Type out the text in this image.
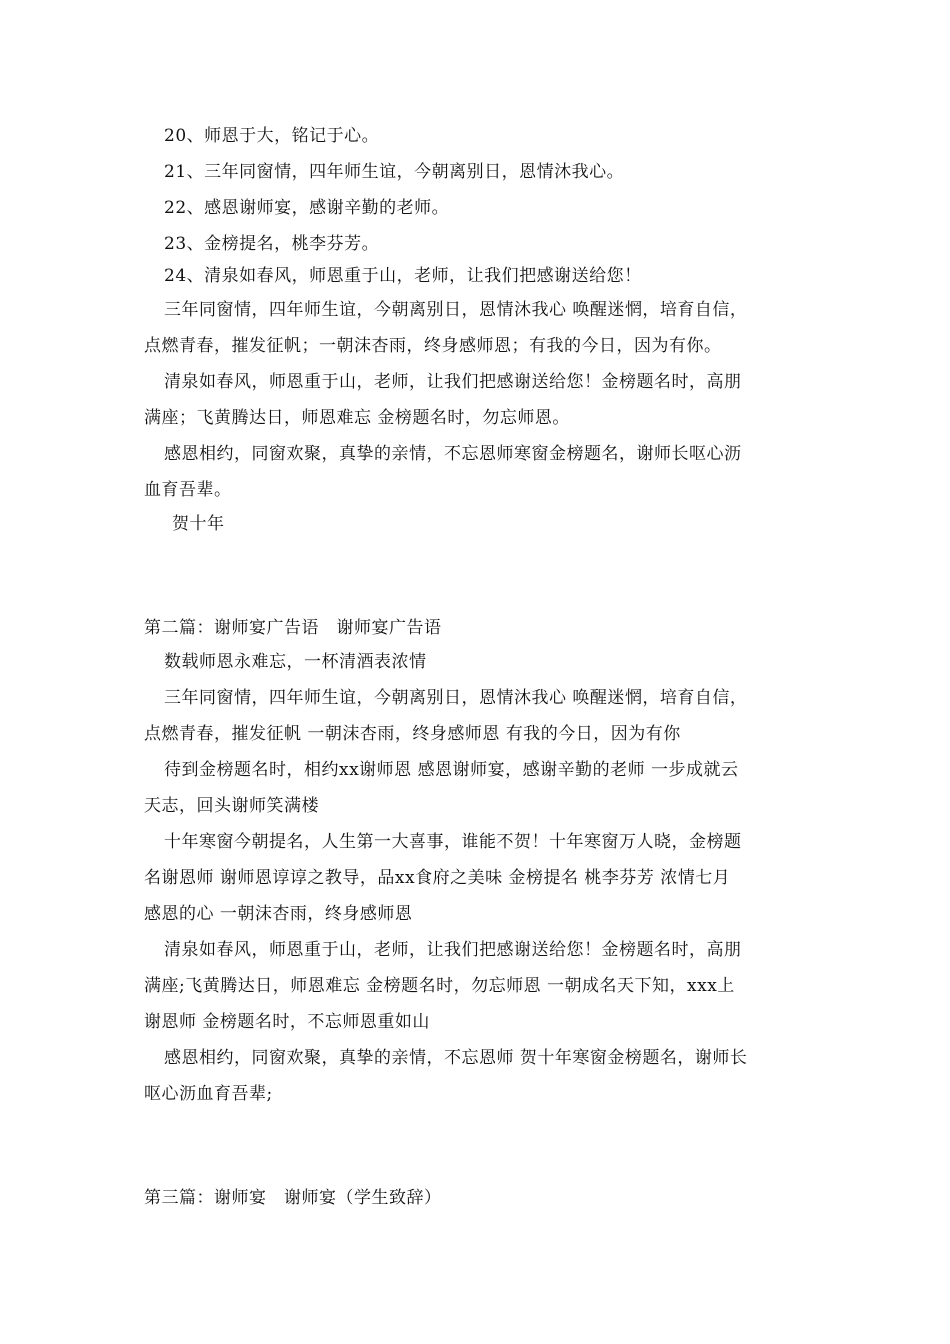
20、师恩于大，铭记于心。
21、三年同窗情，四年师生谊，今朝离别日，恩情沐我心。
22、感恩谢师宴，感谢辛勤的老师。
23、金榜提名，桃李芬芳。
24、清泉如春风，师恩重于山，老师，让我们把感谢送给您！
三年同窗情，四年师生谊，今朝离别日，恩情沐我心 唤醒迷惘，培育自信，
点燃青春，摧发征帆；一朝沫杏雨，终身感师恩；有我的今日，因为有你。
清泉如春风，师恩重于山，老师，让我们把感谢送给您！金榜题名时，高朋
满座；飞黄腾达日，师恩难忘 金榜题名时，勿忘师恩。
感恩相约，同窗欢聚，真挚的亲情，不忘恩师寒窗金榜题名，谢师长呕心沥
血育吾辈。
贺十年
第二篇：谢师宴广告语　谢师宴广告语
数载师恩永难忘，一杯清酒表浓情
三年同窗情，四年师生谊，今朝离别日，恩情沐我心 唤醒迷惘，培育自信，
点燃青春，摧发征帆 一朝沫杏雨，终身感师恩 有我的今日，因为有你
待到金榜题名时，相约xx谢师恩 感恩谢师宴，感谢辛勤的老师 一步成就云
天志，回头谢师笑满楼
十年寒窗今朝提名，人生第一大喜事，谁能不贺！十年寒窗万人晓，金榜题
名谢恩师 谢师恩谆谆之教导，品xx食府之美味 金榜提名 桃李芬芳 浓情七月
感恩的心 一朝沫杏雨，终身感师恩
清泉如春风，师恩重于山，老师，让我们把感谢送给您！金榜题名时，高朋
满座;飞黄腾达日，师恩难忘 金榜题名时，勿忘师恩 一朝成名天下知，xxx上
谢恩师 金榜题名时，不忘师恩重如山
感恩相约，同窗欢聚，真挚的亲情，不忘恩师 贺十年寒窗金榜题名，谢师长
呕心沥血育吾辈;
第三篇：谢师宴　谢师宴（学生致辞）
